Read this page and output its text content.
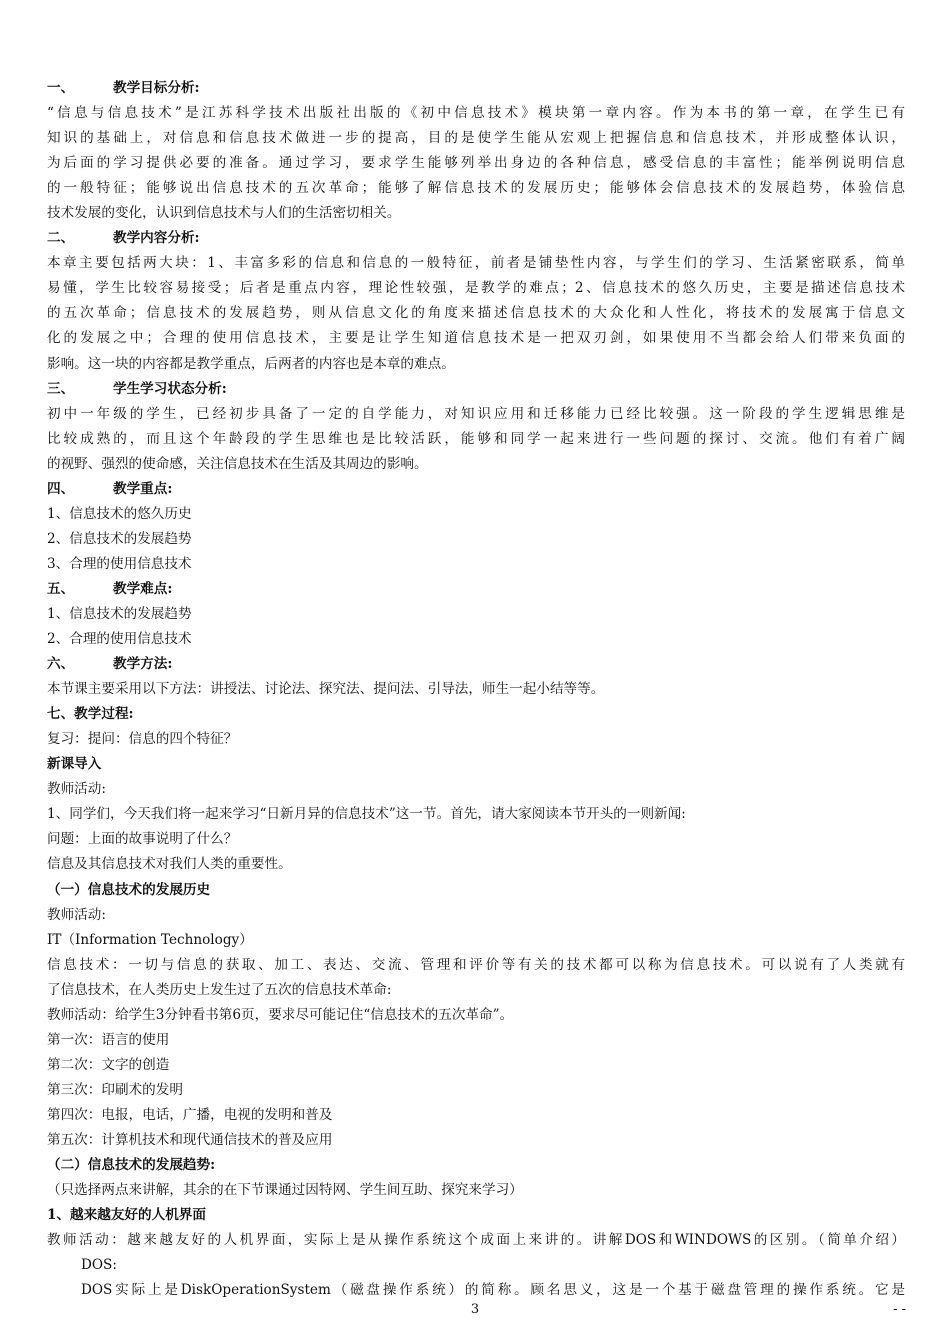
一、	教学目标分析:
“信息与信息技术”是江苏科学技术出版社出版的《初中信息技术》模块第一章内容。作为本书的第一章，在学生已有
知识的基础上，对信息和信息技术做进一步的提高，目的是使学生能从宏观上把握信息和信息技术，并形成整体认识，
为后面的学习提供必要的准备。通过学习，要求学生能够列举出身边的各种信息，感受信息的丰富性；能举例说明信息
的一般特征；能够说出信息技术的五次革命；能够了解信息技术的发展历史；能够体会信息技术的发展趋势，体验信息
技术发展的变化，认识到信息技术与人们的生活密切相关。
二、	教学内容分析:
本章主要包括两大块：1、丰富多彩的信息和信息的一般特征，前者是铺垫性内容，与学生们的学习、生活紧密联系，简单
易懂，学生比较容易接受；后者是重点内容，理论性较强，是教学的难点；2、信息技术的悠久历史，主要是描述信息技术
的五次革命；信息技术的发展趋势，则从信息文化的角度来描述信息技术的大众化和人性化，将技术的发展寓于信息文
化的发展之中；合理的使用信息技术，主要是让学生知道信息技术是一把双刃剑，如果使用不当都会给人们带来负面的
影响。这一块的内容都是教学重点，后两者的内容也是本章的难点。
三、	学生学习状态分析:
初中一年级的学生，已经初步具备了一定的自学能力，对知识应用和迁移能力已经比较强。这一阶段的学生逻辑思维是
比较成熟的，而且这个年龄段的学生思维也是比较活跃，能够和同学一起来进行一些问题的探讨、交流。他们有着广阔
的视野、强烈的使命感，关注信息技术在生活及其周边的影响。
四、	教学重点:
1、信息技术的悠久历史
2、信息技术的发展趋势
3、合理的使用信息技术
五、	教学难点:
1、信息技术的发展趋势
2、合理的使用信息技术
六、	教学方法:
本节课主要采用以下方法：讲授法、讨论法、探究法、提问法、引导法，师生一起小结等等。
七、教学过程:
复习：提问：信息的四个特征？
新课导入
教师活动:
1、同学们，今天我们将一起来学习“日新月异的信息技术”这一节。首先，请大家阅读本节开头的一则新闻:
问题：上面的故事说明了什么？
信息及其信息技术对我们人类的重要性。
（一）信息技术的发展历史
教师活动:
IT（Information Technology）
信息技术：一切与信息的获取、加工、表达、交流、管理和评价等有关的技术都可以称为信息技术。可以说有了人类就有
了信息技术，在人类历史上发生过了五次的信息技术革命:
教师活动：给学生3分钟看书第6页，要求尽可能记住“信息技术的五次革命”。
第一次：语言的使用
第二次：文字的创造
第三次：印刷术的发明
第四次：电报，电话，广播，电视的发明和普及
第五次：计算机技术和现代通信技术的普及应用
（二）信息技术的发展趋势:
（只选择两点来讲解，其余的在下节课通过因特网、学生间互助、探究来学习）
1、越来越友好的人机界面
教师活动：越来越友好的人机界面，实际上是从操作系统这个成面上来讲的。讲解DOS和WINDOWS的区别。（简单介绍）
DOS:
DOS实际上是DiskOperationSystem（磁盘操作系统）的简称。顾名思义，这是一个基于磁盘管理的操作系统。它是
3	- -
